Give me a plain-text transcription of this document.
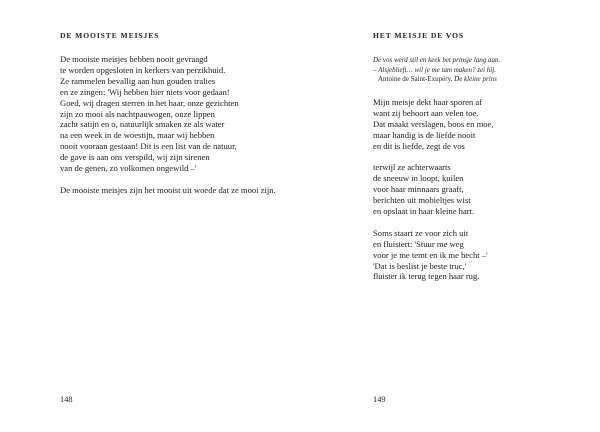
DE MOOISTE MEISJES
De mooiste meisjes hebben nooit gevraagd
te worden opgesloten in kerkers van perzikhuid.
Ze rammelen bevallig aan hun gouden tralies
en ze zingen: 'Wij hebben hier niets voor gedaan!
Goed, wij dragen sterren in het haar, onze gezichten
zijn zo mooi als nachtpauwogen, onze lippen
zacht satijn en o, natuurlijk smaken ze als water
na een week in de woestijn, maar wij hebben
nooit vooraan gestaan! Dit is een list van de natuur,
de gave is aan ons verspild, wij zijn sirenen
van de genen, zo volkomen ongewild –'
De mooiste meisjes zijn het mooist uit woede dat ze mooi zijn.
148
HET MEISJE DE VOS
De vos werd stil en keek het prinsje lang aan.
– Alsjeblieft… wil je me tam maken? zei hij.
Antoine de Saint-Exupéry, De kleine prins
Mijn meisje dekt haar sporen af
want zij behoort aan velen toe.
Dat maakt verslagen, boos en moe,
maar handig is de liefde nooit
en dit is liefde, zegt de vos
terwijl ze achterwaarts
de sneeuw in loopt, kuilen
voor haar minnaars graaft,
berichten uit mobieltjes wist
en opslaat in haar kleine hart.
Soms staart ze voor zich uit
en fluistert: 'Stuur me weg
voor je me temt en ik me hecht –'
'Dat is beslist je beste truc,'
fluister ik terug tegen haar rug.
149
